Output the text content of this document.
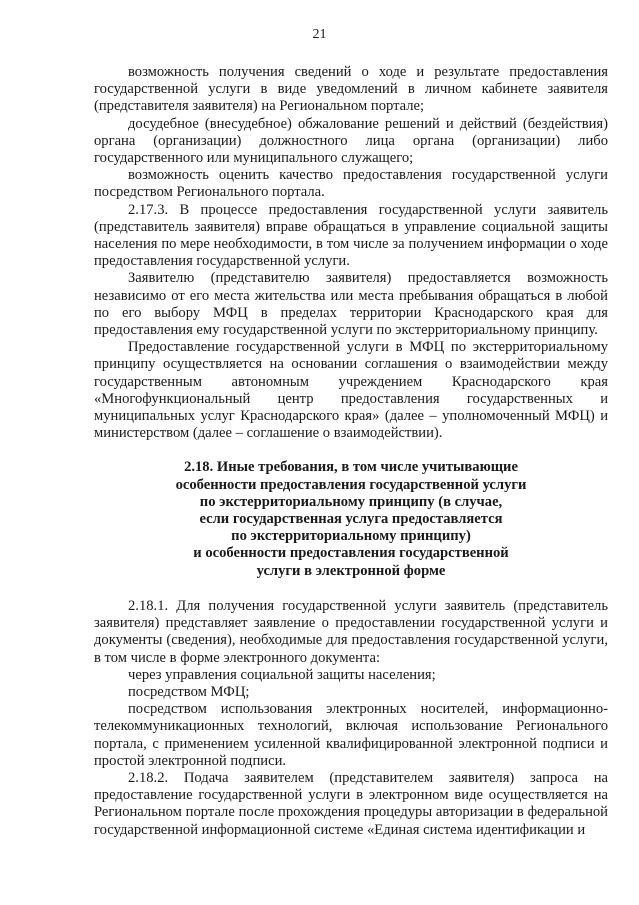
21

возможность получения сведений о ходе и результате предоставления государственной услуги в виде уведомлений в личном кабинете заявителя (представителя заявителя) на Региональном портале;

досудебное (внесудебное) обжалование решений и действий (бездействия) органа (организации) должностного лица органа (организации) либо государственного или муниципального служащего;

возможность оценить качество предоставления государственной услуги посредством Регионального портала.

2.17.3. В процессе предоставления государственной услуги заявитель (представитель заявителя) вправе обращаться в управление социальной защиты населения по мере необходимости, в том числе за получением информации о ходе предоставления государственной услуги.

Заявителю (представителю заявителя) предоставляется возможность независимо от его места жительства или места пребывания обращаться в любой по его выбору МФЦ в пределах территории Краснодарского края для предоставления ему государственной услуги по экстерриториальному принципу.

Предоставление государственной услуги в МФЦ по экстерриториальному принципу осуществляется на основании соглашения о взаимодействии между государственным автономным учреждением Краснодарского края «Многофункциональный центр предоставления государственных и муниципальных услуг Краснодарского края» (далее – уполномоченный МФЦ) и министерством (далее – соглашение о взаимодействии).

2.18. Иные требования, в том числе учитывающие
особенности предоставления государственной услуги
по экстерриториальному принципу (в случае,
если государственная услуга предоставляется
по экстерриториальному принципу)
и особенности предоставления государственной
услуги в электронной форме

2.18.1. Для получения государственной услуги заявитель (представитель заявителя) представляет заявление о предоставлении государственной услуги и документы (сведения), необходимые для предоставления государственной услуги, в том числе в форме электронного документа:

через управления социальной защиты населения;

посредством МФЦ;

посредством использования электронных носителей, информационно-телекоммуникационных технологий, включая использование Регионального портала, с применением усиленной квалифицированной электронной подписи и простой электронной подписи.

2.18.2. Подача заявителем (представителем заявителя) запроса на предоставление государственной услуги в электронном виде осуществляется на Региональном портале после прохождения процедуры авторизации в федеральной государственной информационной системе «Единая система идентификации и
